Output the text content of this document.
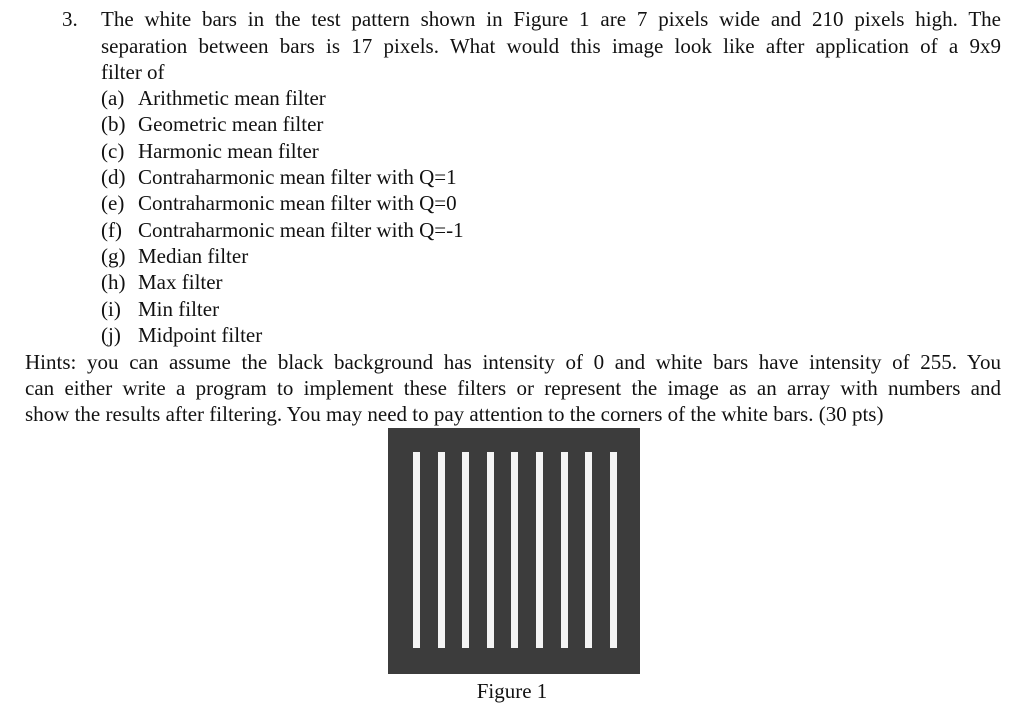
3. The white bars in the test pattern shown in Figure 1 are 7 pixels wide and 210 pixels high. The
separation between bars is 17 pixels. What would this image look like after application of a 9x9
filter of
(a) Arithmetic mean filter
(b) Geometric mean filter
(c) Harmonic mean filter
(d) Contraharmonic mean filter with Q=1
(e) Contraharmonic mean filter with Q=0
(f) Contraharmonic mean filter with Q=-1
(g) Median filter
(h) Max filter
(i) Min filter
(j) Midpoint filter
Hints: you can assume the black background has intensity of 0 and white bars have intensity of 255. You
can either write a program to implement these filters or represent the image as an array with numbers and
show the results after filtering. You may need to pay attention to the corners of the white bars. (30 pts)
Figure 1
